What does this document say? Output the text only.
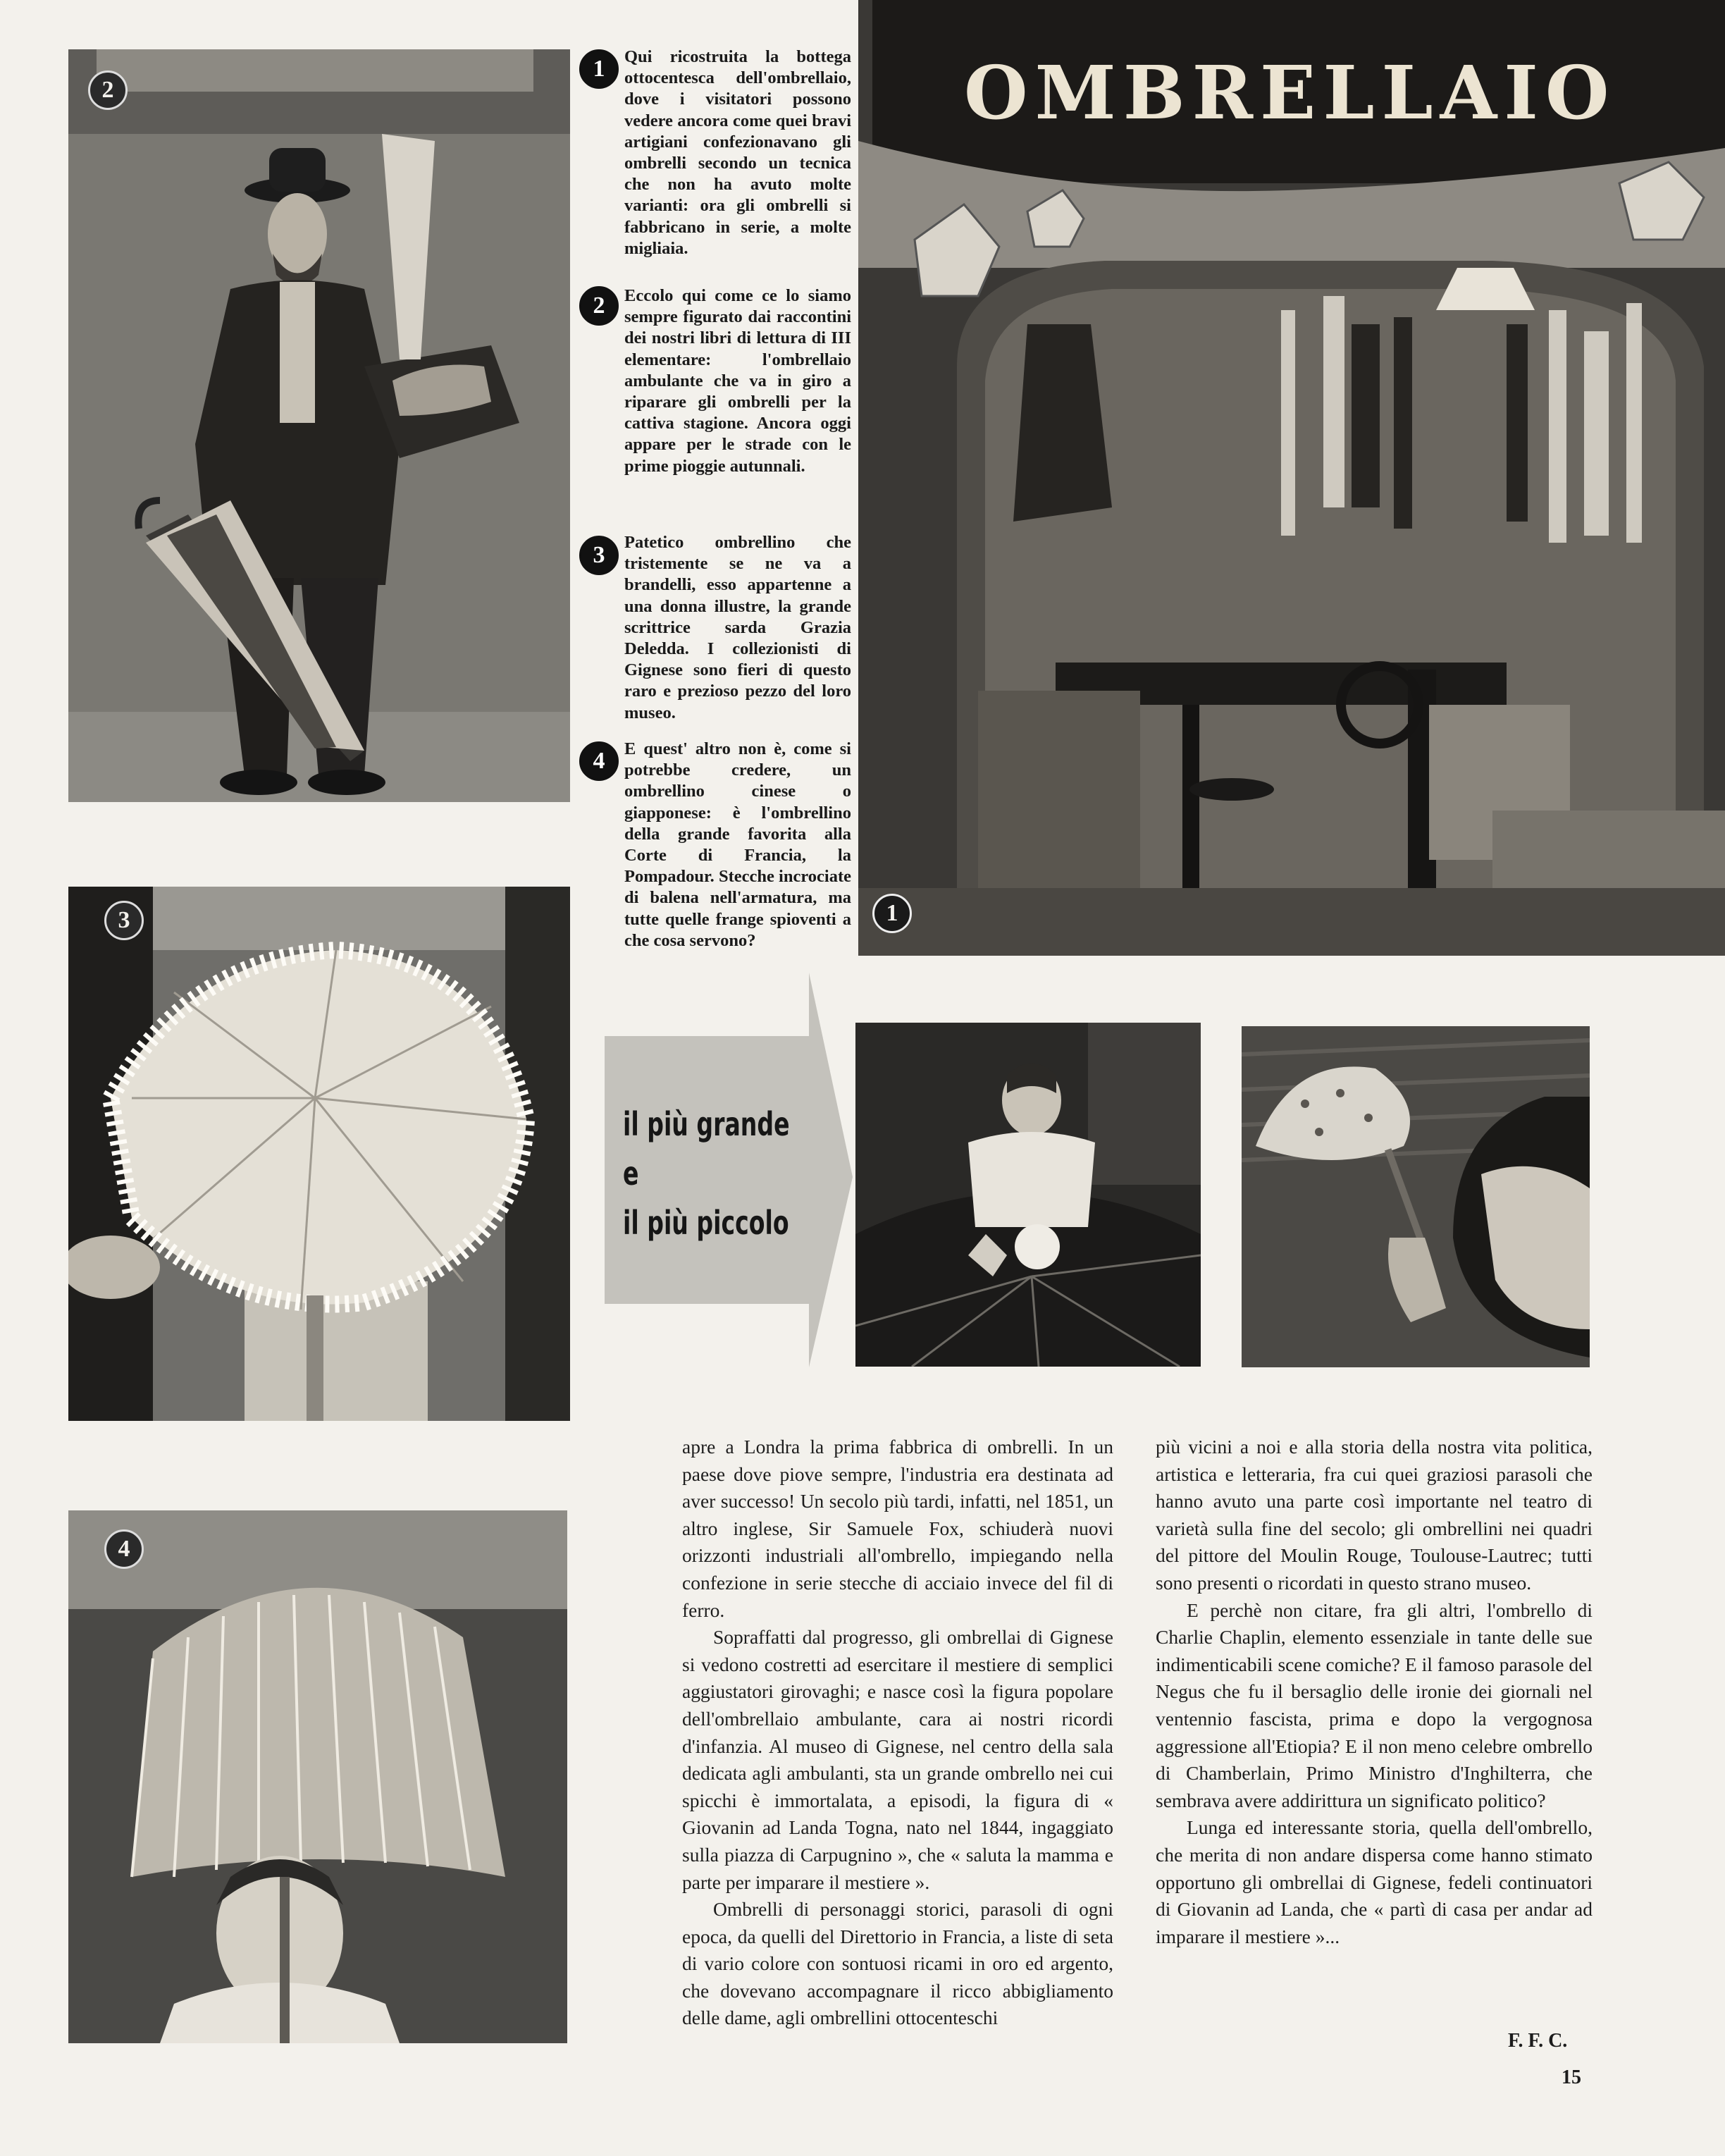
2
1	Qui ricostruita la bottega ottocentesca dell'ombrellaio, dove i visitatori possono vedere ancora come quei bravi artigiani confezionavano gli ombrelli secondo un tecnica che non ha avuto molte varianti: ora gli ombrelli si fabbricano in serie, a molte migliaia.

2	Eccolo qui come ce lo siamo sempre figurato dai raccontini dei nostri libri di lettura di III elementare: l'ombrellaio ambulante che va in giro a riparare gli ombrelli per la cattiva stagione. Ancora oggi appare per le strade con le prime pioggie autunnali.

3	Patetico ombrellino che tristemente se ne va a brandelli, esso appartenne a una donna illustre, la grande scrittrice sarda Grazia Deledda. I collezionisti di Gignese sono fieri di questo raro e prezioso pezzo del loro museo.

4	E quest' altro non è, come si potrebbe credere, un ombrellino cinese o giapponese: è l'ombrellino della grande favorita alla Corte di Francia, la Pompadour. Stecche incrociate di balena nell'armatura, ma tutte quelle frange spioventi a che cosa servono?

OMBRELLAIO
1
3
4
il più grande
e
il più piccolo

apre a Londra la prima fabbrica di ombrelli. In un paese dove piove sempre, l'industria era destinata ad aver successo! Un secolo più tardi, infatti, nel 1851, un altro inglese, Sir Samuele Fox, schiuderà nuovi orizzonti industriali all'ombrello, impiegando nella confezione in serie stecche di acciaio invece del fil di ferro.

Sopraffatti dal progresso, gli ombrellai di Gignese si vedono costretti ad esercitare il mestiere di semplici aggiustatori girovaghi; e nasce così la figura popolare dell'ombrellaio ambulante, cara ai nostri ricordi d'infanzia. Al museo di Gignese, nel centro della sala dedicata agli ambulanti, sta un grande ombrello nei cui spicchi è immortalata, a episodi, la figura di « Giovanin ad Landa Togna, nato nel 1844, ingaggiato sulla piazza di Carpugnino », che « saluta la mamma e parte per imparare il mestiere ».

Ombrelli di personaggi storici, parasoli di ogni epoca, da quelli del Direttorio in Francia, a liste di seta di vario colore con sontuosi ricami in oro ed argento, che dovevano accompagnare il ricco abbigliamento delle dame, agli ombrellini ottocenteschi

più vicini a noi e alla storia della nostra vita politica, artistica e letteraria, fra cui quei graziosi parasoli che hanno avuto una parte così importante nel teatro di varietà sulla fine del secolo; gli ombrellini nei quadri del pittore del Moulin Rouge, Toulouse-Lautrec; tutti sono presenti o ricordati in questo strano museo.

E perchè non citare, fra gli altri, l'ombrello di Charlie Chaplin, elemento essenziale in tante delle sue indimenticabili scene comiche? E il famoso parasole del Negus che fu il bersaglio delle ironie dei giornali nel ventennio fascista, prima e dopo la vergognosa aggressione all'Etiopia? E il non meno celebre ombrello di Chamberlain, Primo Ministro d'Inghilterra, che sembrava avere addirittura un significato politico?

Lunga ed interessante storia, quella dell'ombrello, che merita di non andare dispersa come hanno stimato opportuno gli ombrellai di Gignese, fedeli continuatori di Giovanin ad Landa, che « partì di casa per andar ad imparare il mestiere »...

F. F. C.
15
